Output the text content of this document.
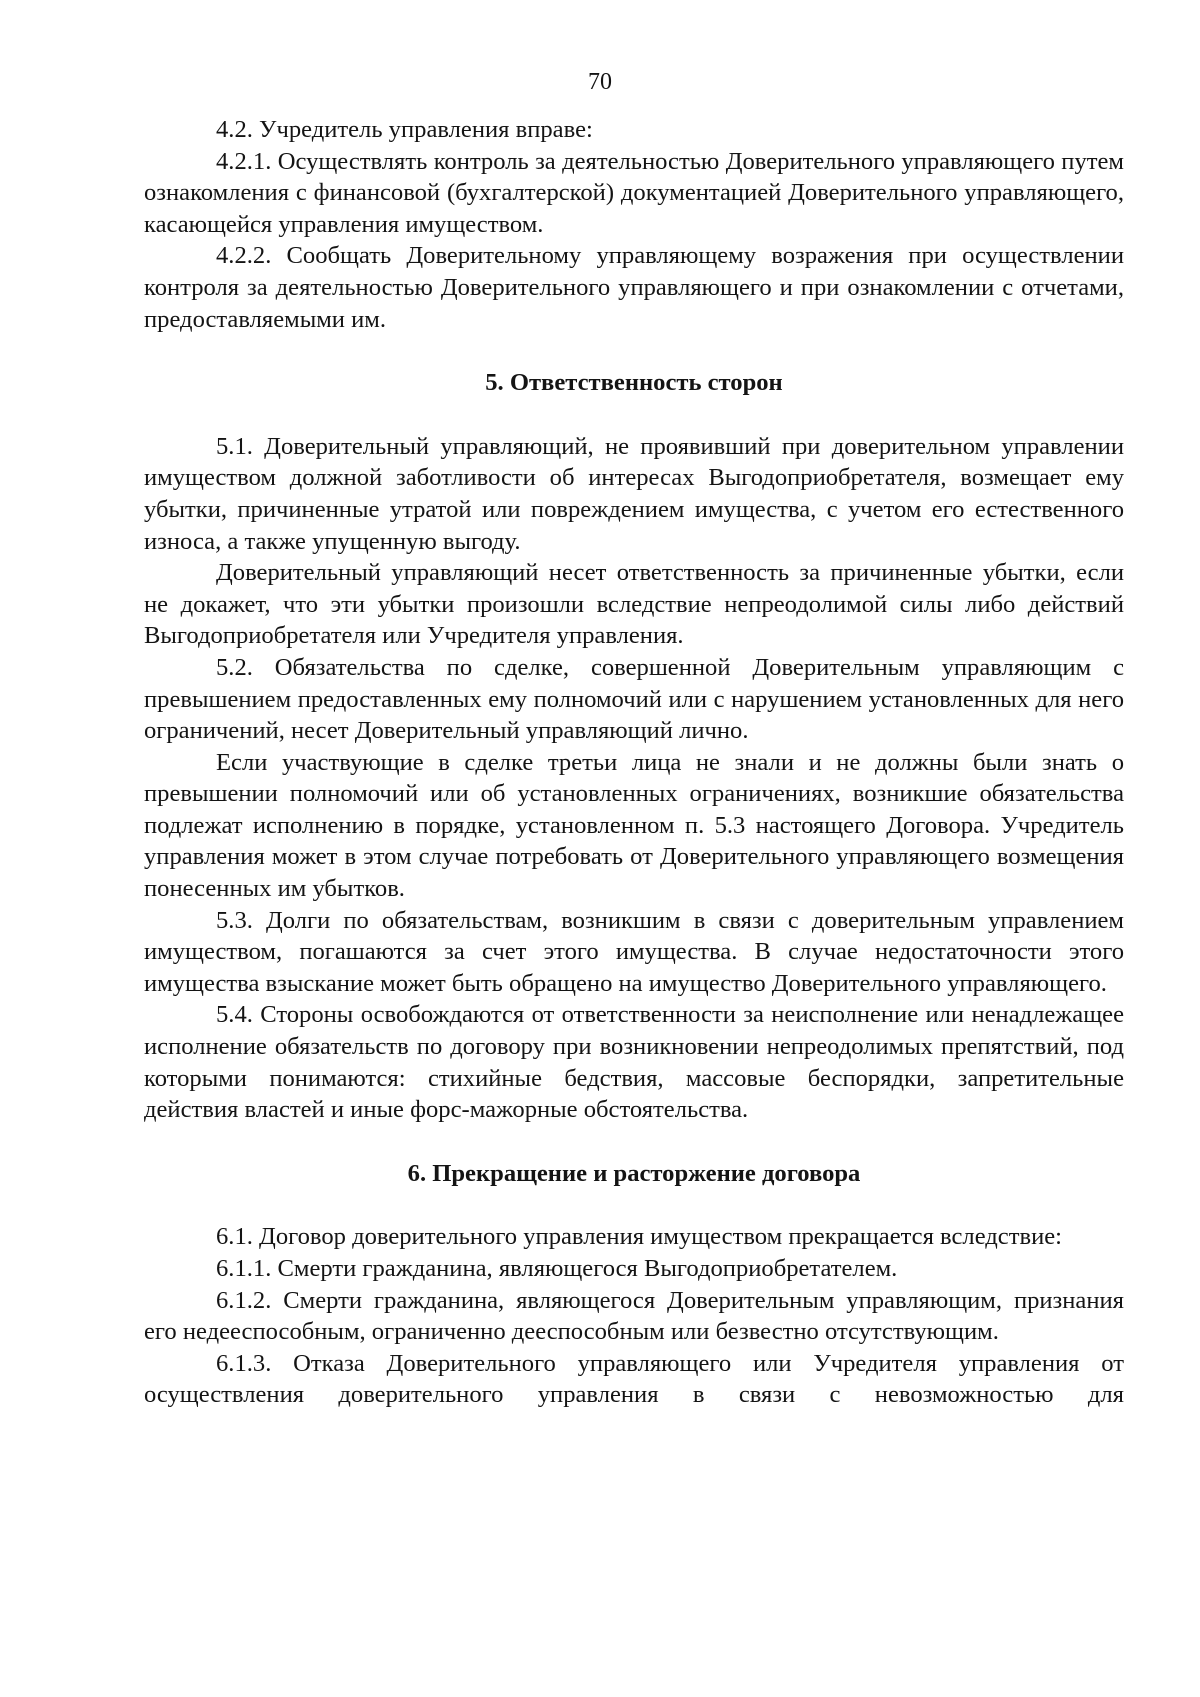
70

4.2. Учредитель управления вправе:

4.2.1. Осуществлять контроль за деятельностью Доверительного управляющего путем ознакомления с финансовой (бухгалтерской) документацией Доверительного управляющего, касающейся управления имуществом.

4.2.2. Сообщать Доверительному управляющему возражения при осуществлении контроля за деятельностью Доверительного управляющего и при ознакомлении с отчетами, предоставляемыми им.

5. Ответственность сторон

5.1. Доверительный управляющий, не проявивший при доверительном управлении имуществом должной заботливости об интересах Выгодоприобретателя, возмещает ему убытки, причиненные утратой или повреждением имущества, с учетом его естественного износа, а также упущенную выгоду.

Доверительный управляющий несет ответственность за причиненные убытки, если не докажет, что эти убытки произошли вследствие непреодолимой силы либо действий Выгодоприобретателя или Учредителя управления.

5.2. Обязательства по сделке, совершенной Доверительным управляющим с превышением предоставленных ему полномочий или с нарушением установленных для него ограничений, несет Доверительный управляющий лично.

Если участвующие в сделке третьи лица не знали и не должны были знать о превышении полномочий или об установленных ограничениях, возникшие обязательства подлежат исполнению в порядке, установленном п. 5.3 настоящего Договора. Учредитель управления может в этом случае потребовать от Доверительного управляющего возмещения понесенных им убытков.

5.3. Долги по обязательствам, возникшим в связи с доверительным управлением имуществом, погашаются за счет этого имущества. В случае недостаточности этого имущества взыскание может быть обращено на имущество Доверительного управляющего.

5.4. Стороны освобождаются от ответственности за неисполнение или ненадлежащее исполнение обязательств по договору при возникновении непреодолимых препятствий, под которыми понимаются: стихийные бедствия, массовые беспорядки, запретительные действия властей и иные форс-мажорные обстоятельства.

6. Прекращение и расторжение договора

6.1. Договор доверительного управления имуществом прекращается вследствие:

6.1.1. Смерти гражданина, являющегося Выгодоприобретателем.

6.1.2. Смерти гражданина, являющегося Доверительным управляющим, признания его недееспособным, ограниченно дееспособным или безвестно отсутствующим.

6.1.3. Отказа Доверительного управляющего или Учредителя управления от осуществления доверительного управления в связи с невозможностью для
